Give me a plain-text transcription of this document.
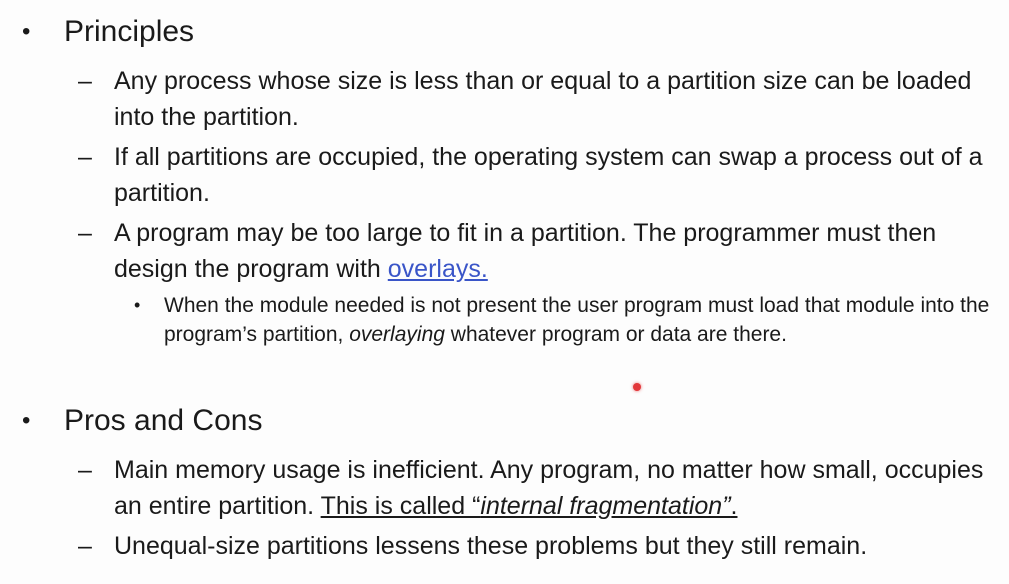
• Principles
– Any process whose size is less than or equal to a partition size can be loaded into the partition.
– If all partitions are occupied, the operating system can swap a process out of a partition.
– A program may be too large to fit in a partition. The programmer must then design the program with overlays.
• When the module needed is not present the user program must load that module into the program’s partition, overlaying whatever program or data are there.
• Pros and Cons
– Main memory usage is inefficient. Any program, no matter how small, occupies an entire partition. This is called “internal fragmentation”.
– Unequal-size partitions lessens these problems but they still remain.
